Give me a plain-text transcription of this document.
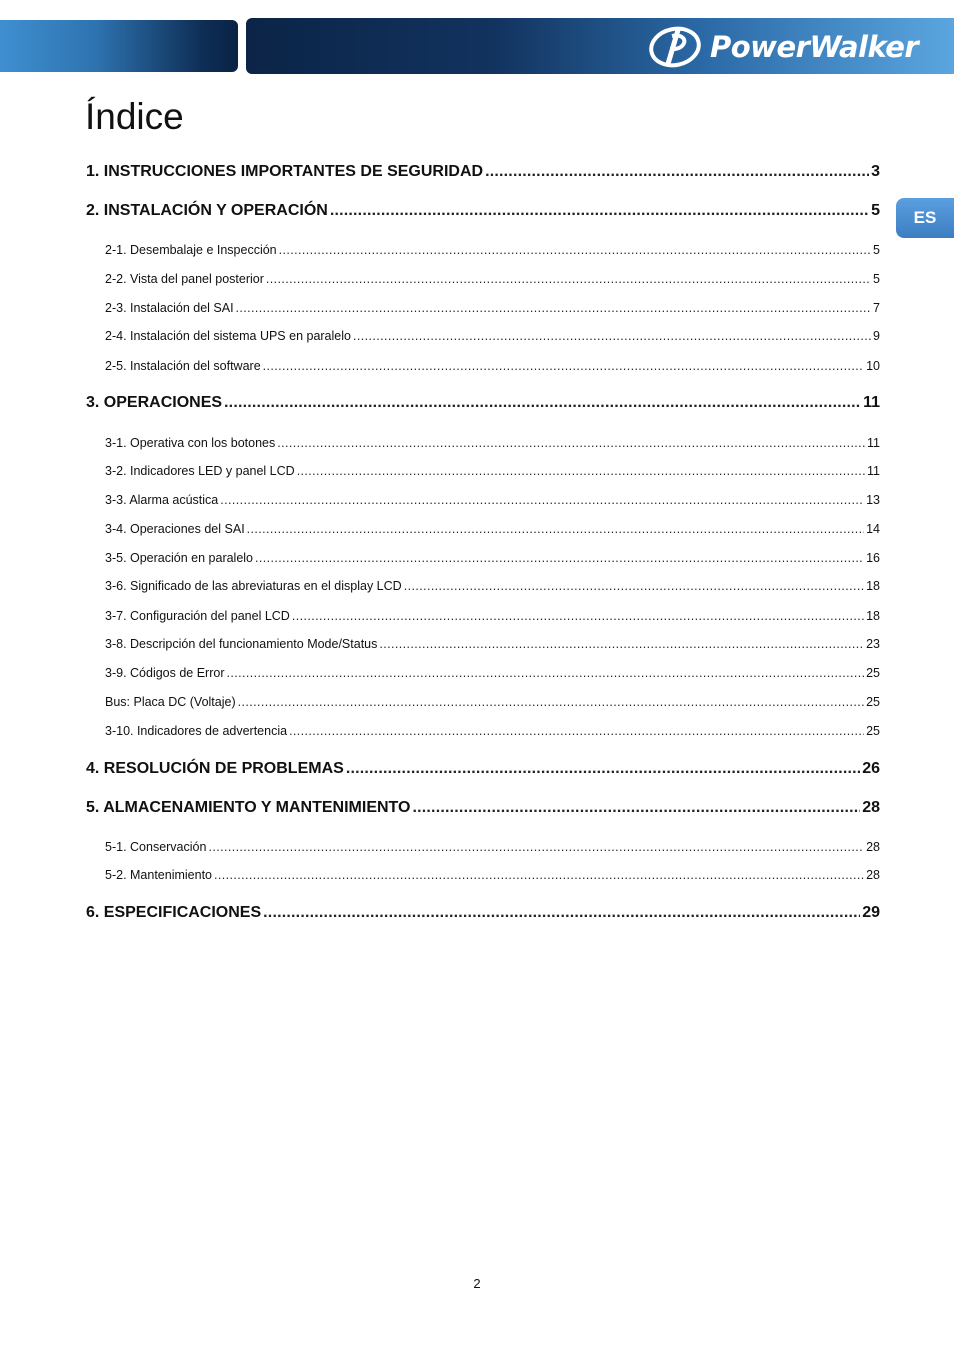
PowerWalker
ES
Índice
1. INSTRUCCIONES IMPORTANTES DE SEGURIDAD .....	3
2. INSTALACIÓN Y OPERACIÓN .....	5
2-1. Desembalaje e Inspección .....	5
2-2. Vista del panel posterior .....	5
2-3. Instalación del SAI .....	7
2-4. Instalación del sistema UPS en paralelo .....	9
2-5. Instalación del software .....	10
3. OPERACIONES .....	11
3-1. Operativa con los botones .....	11
3-2. Indicadores LED y panel LCD .....	11
3-3. Alarma acústica .....	13
3-4. Operaciones del SAI .....	14
3-5. Operación en paralelo .....	16
3-6. Significado de las abreviaturas en el display LCD .....	18
3-7. Configuración del panel LCD .....	18
3-8. Descripción del funcionamiento Mode/Status .....	23
3-9. Códigos de Error .....	25
Bus: Placa DC (Voltaje) .....	25
3-10. Indicadores de advertencia .....	25
4. RESOLUCIÓN DE PROBLEMAS .....	26
5. ALMACENAMIENTO Y MANTENIMIENTO .....	28
5-1. Conservación .....	28
5-2. Mantenimiento .....	28
6. ESPECIFICACIONES .....	29
2
